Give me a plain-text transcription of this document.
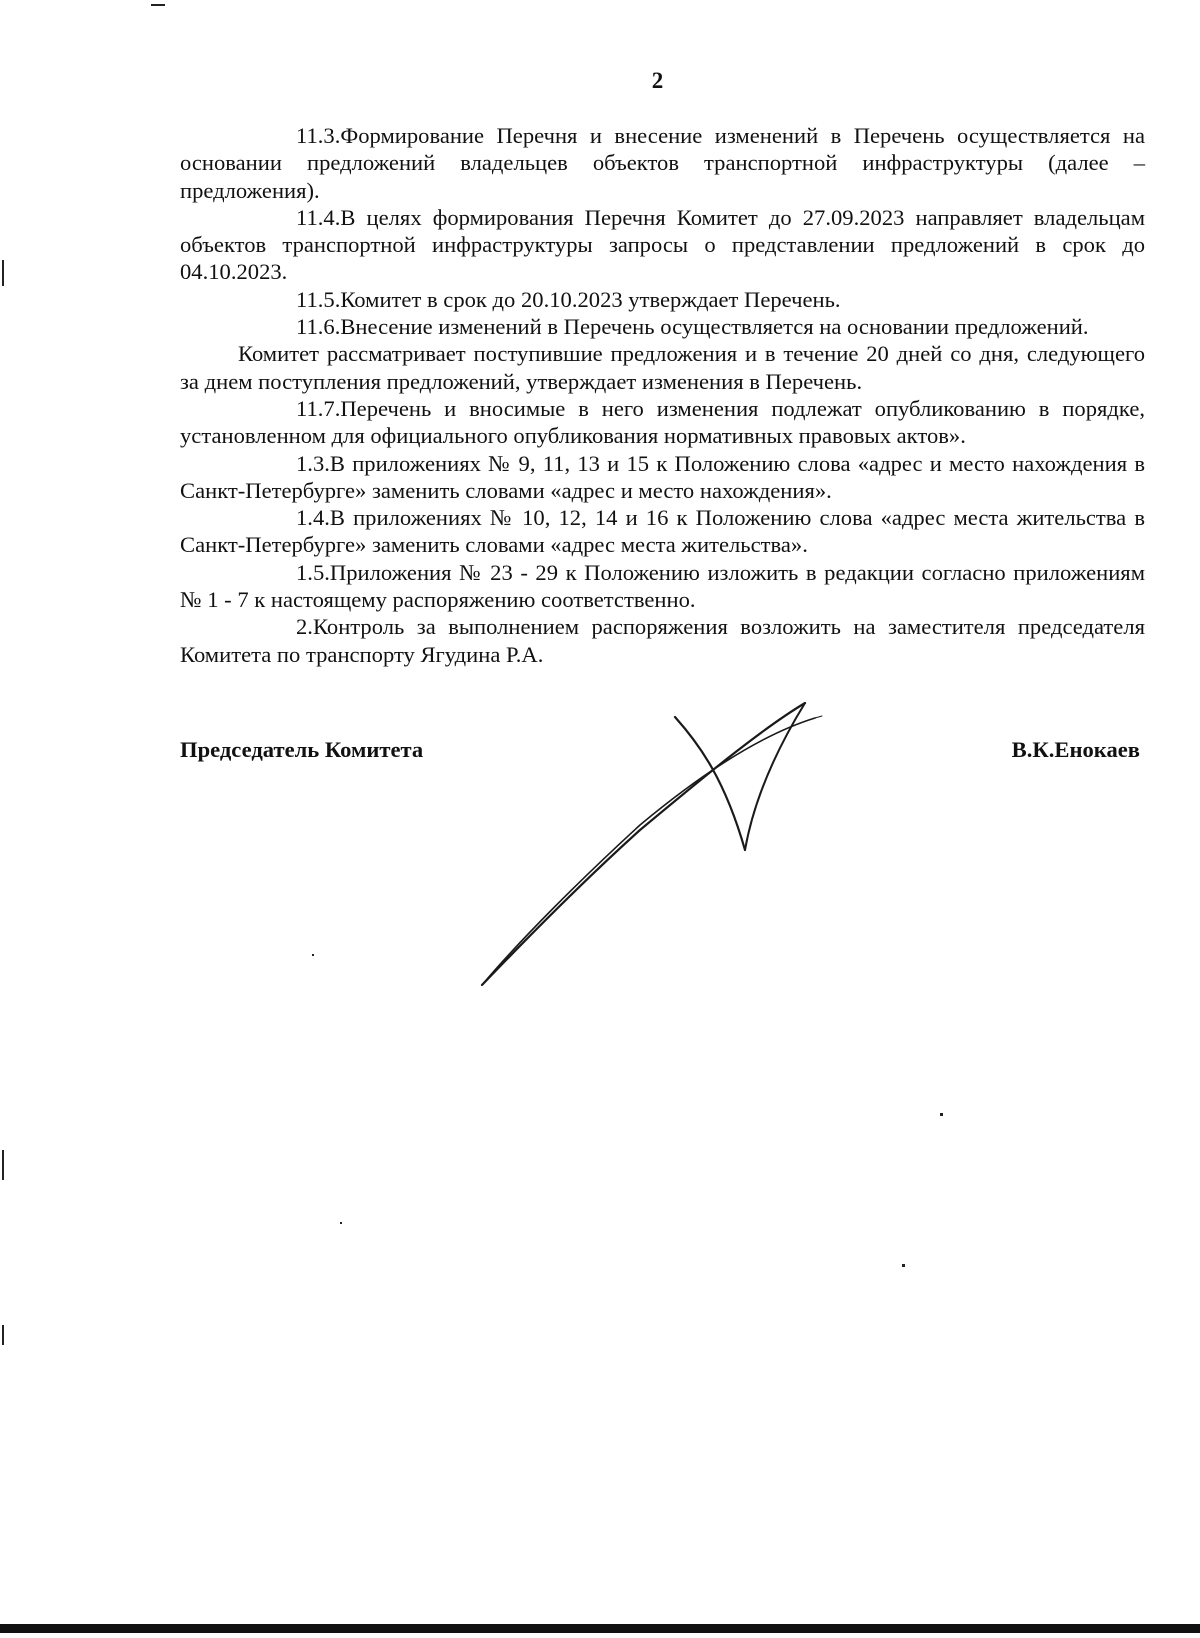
2

11.3.Формирование Перечня и внесение изменений в Перечень осуществляется на основании предложений владельцев объектов транспортной инфраструктуры (далее – предложения).

11.4.В целях формирования Перечня Комитет до 27.09.2023 направляет владельцам объектов транспортной инфраструктуры запросы о представлении предложений в срок до 04.10.2023.

11.5.Комитет в срок до 20.10.2023 утверждает Перечень.

11.6.Внесение изменений в Перечень осуществляется на основании предложений.

Комитет рассматривает поступившие предложения и в течение 20 дней со дня, следующего за днем поступления предложений, утверждает изменения в Перечень.

11.7.Перечень и вносимые в него изменения подлежат опубликованию в порядке, установленном для официального опубликования нормативных правовых актов».

1.3.В приложениях № 9, 11, 13 и 15 к Положению слова «адрес и место нахождения в Санкт-Петербурге» заменить словами «адрес и место нахождения».

1.4.В приложениях № 10, 12, 14 и 16 к Положению слова «адрес места жительства в Санкт-Петербурге» заменить словами «адрес места жительства».

1.5.Приложения № 23 - 29 к Положению изложить в редакции согласно приложениям № 1 - 7 к настоящему распоряжению соответственно.

2.Контроль за выполнением распоряжения возложить на заместителя председателя Комитета по транспорту Ягудина Р.А.

Председатель Комитета	В.К.Енокаев
